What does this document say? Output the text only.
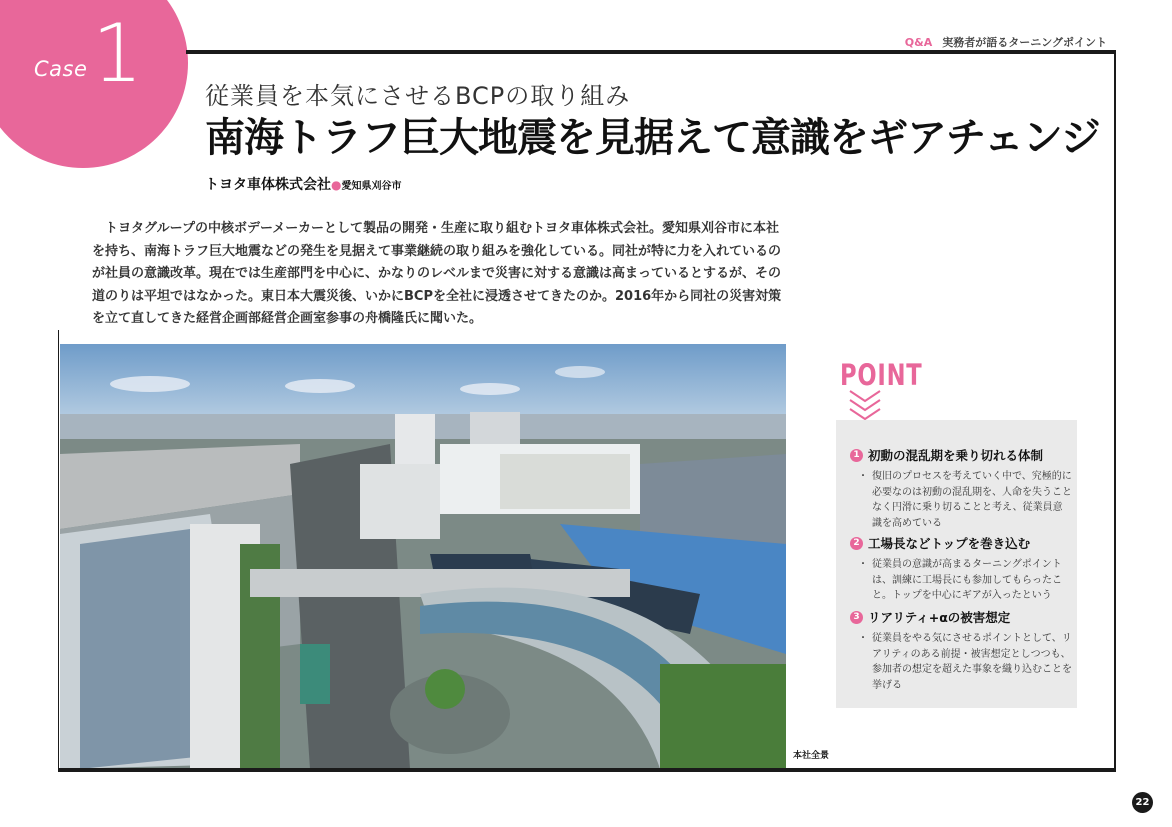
Case 1	Q&A 実務者が語るターニングポイント
従業員を本気にさせるBCPの取り組み
南海トラフ巨大地震を見据えて意識をギアチェンジ
トヨタ車体株式会社●愛知県刈谷市

トヨタグループの中核ボデーメーカーとして製品の開発・生産に取り組むトヨタ車体株式会社。愛知県刈谷市に本社を持ち、南海トラフ巨大地震などの発生を見据えて事業継続の取り組みを強化している。同社が特に力を入れているのが社員の意識改革。現在では生産部門を中心に、かなりのレベルまで災害に対する意識は高まっているとするが、その道のりは平坦ではなかった。東日本大震災後、いかにBCPを全社に浸透させてきたのか。2016年から同社の災害対策を立て直してきた経営企画部経営企画室参事の舟橋隆氏に聞いた。

本社全景
POINT
1 初動の混乱期を乗り切れる体制
・ 復旧のプロセスを考えていく中で、究極的に必要なのは初動の混乱期を、人命を失うことなく円滑に乗り切ることと考え、従業員意識を高めている
2 工場長などトップを巻き込む
・ 従業員の意識が高まるターニングポイントは、訓練に工場長にも参加してもらったこと。トップを中心にギアが入ったという
3 リアリティ+αの被害想定
・ 従業員をやる気にさせるポイントとして、リアリティのある前提・被害想定としつつも、参加者の想定を超えた事象を織り込むことを挙げる
22
